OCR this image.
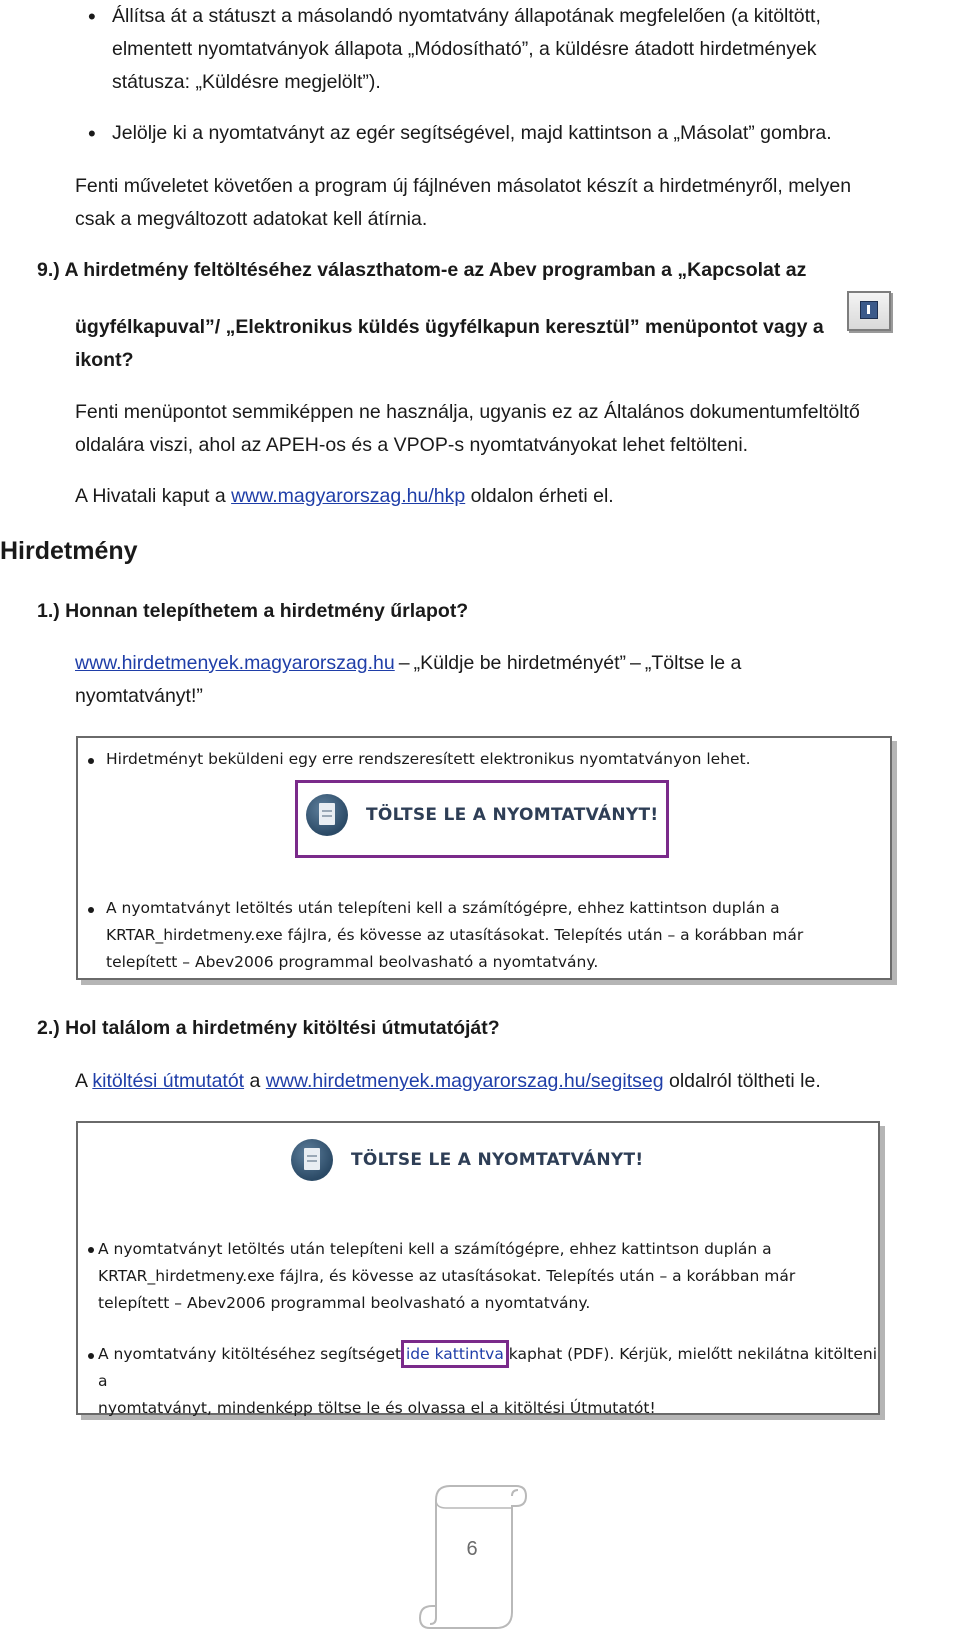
• Állítsa át a státuszt a másolandó nyomtatvány állapotának megfelelően (a kitöltött,
elmentett nyomtatványok állapota „Módosítható”, a küldésre átadott hirdetmények
státusza: „Küldésre megjelölt”).
• Jelölje ki a nyomtatványt az egér segítségével, majd kattintson a „Másolat” gombra.
Fenti műveletet követően a program új fájlnéven másolatot készít a hirdetményről, melyen
csak a megváltozott adatokat kell átírnia.
9.) A hirdetmény feltöltéséhez választhatom-e az Abev programban a „Kapcsolat az
ügyfélkapuval”/ „Elektronikus küldés ügyfélkapun keresztül” menüpontot vagy a
ikont?
Fenti menüpontot semmiképpen ne használja, ugyanis ez az Általános dokumentumfeltöltő
oldalára viszi, ahol az APEH-os és a VPOP-s nyomtatványokat lehet feltölteni.
A Hivatali kaput a www.magyarorszag.hu/hkp oldalon érheti el.
Hirdetmény
1.) Honnan telepíthetem a hirdetmény űrlapot?
www.hirdetmenyek.magyarorszag.hu – „Küldje be hirdetményét” – „Töltse le a
nyomtatványt!”
Hirdetményt beküldeni egy erre rendszeresített elektronikus nyomtatványon lehet.
TÖLTSE LE A NYOMTATVÁNYT!
A nyomtatványt letöltés után telepíteni kell a számítógépre, ehhez kattintson duplán a
KRTAR_hirdetmeny.exe fájlra, és kövesse az utasításokat. Telepítés után – a korábban már
telepített – Abev2006 programmal beolvasható a nyomtatvány.
2.) Hol találom a hirdetmény kitöltési útmutatóját?
A kitöltési útmutatót a www.hirdetmenyek.magyarorszag.hu/segitseg oldalról töltheti le.
TÖLTSE LE A NYOMTATVÁNYT!
A nyomtatványt letöltés után telepíteni kell a számítógépre, ehhez kattintson duplán a
KRTAR_hirdetmeny.exe fájlra, és kövesse az utasításokat. Telepítés után – a korábban már
telepített – Abev2006 programmal beolvasható a nyomtatvány.
A nyomtatvány kitöltéséhez segítséget ide kattintva kaphat (PDF). Kérjük, mielőtt nekilátna kitölteni a
nyomtatványt, mindenképp töltse le és olvassa el a kitöltési Útmutatót!
6
